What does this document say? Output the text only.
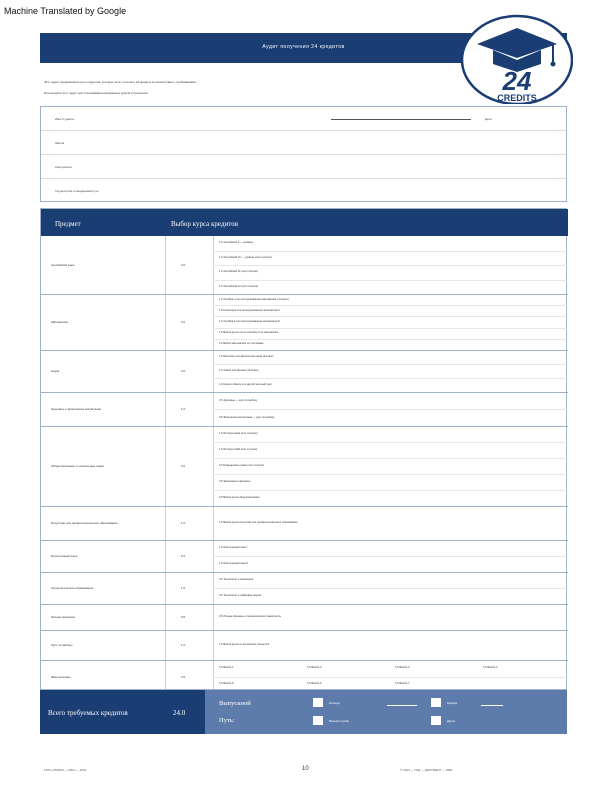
Machine Translated by Google
Аудит получения 24 кредитов
24
CREDITS
Этот аудит предназначен для студентов, которые хотят получить 24 кредита в соответствии с требованиями
Используйте этот аудит для отслеживания выбранных курсов и прогресса
Имя студента	Дата
Школа
Консультант
Год выпуска и ожидаемый путь
Предмет	Выбор курса кредитов
Английский язык	4.0
1.0 Английский 9 — уровень
1.0 Английский 10 — уровень (или отличие)
1.0 Английский 11 (или отличие)
1.0 Английский 12 (или отличие)
Математика	4.0
1.0 Алгебра I или интегрированная математика I (9 класс)
1.0 Геометрия или интегрированная математика II
1.0 Алгебра II или интегрированная математика III
1.0 Выбор курса после Алгебры II по математике
1.0 Выбор математики по программе
Наука	3.0
1.0 Биология или физическая наука (9 класс)
1.0 Химия или физика (10 класс)
1.0 Наука о Земле или другой научный курс
Здоровье и физическое воспитание	1.0
0.5 Здоровье — курс по выбору
0.5 Физическое воспитание — курс по выбору
Обществознание и социальные науки	3.0
1.0 История мира (или отличие)
1.0 История США (или отличие)
0.5 Гражданское право (или отличие)
0.5 Экономика и финансы
0.5 Выбор курса обществознания
Искусство или профессиональное образование	1.0	1.0 Выбор курса искусства или профессионального образования
Иностранный язык	2.0
1.0 Иностранный язык I
1.0 Иностранный язык II
Технологическое образование	1.0
0.5 Технологии и инженерия
0.5 Технологии и цифровые медиа
Личные финансы	0.5	0.5 Личные финансы и экономическая грамотность
Курс по выбору	1.0	1.0 Выбор курса по интересам учащегося
Факультативы	3.5
0.5 Выбор 1	0.5 Выбор 2	0.5 Выбор 3	0.5 Выбор 4
0.5 Выбор 5	0.5 Выбор 6	0.5 Выбор 7
Всего требуемых кредитов	24.0
Выпускной
Путь:
Колледж	Карьера
Военная служба	Другое
FSTU-0768/24 — 0001 — 2024	10	© 2024 — ГОД — ДОКУМЕНТ — 0001
